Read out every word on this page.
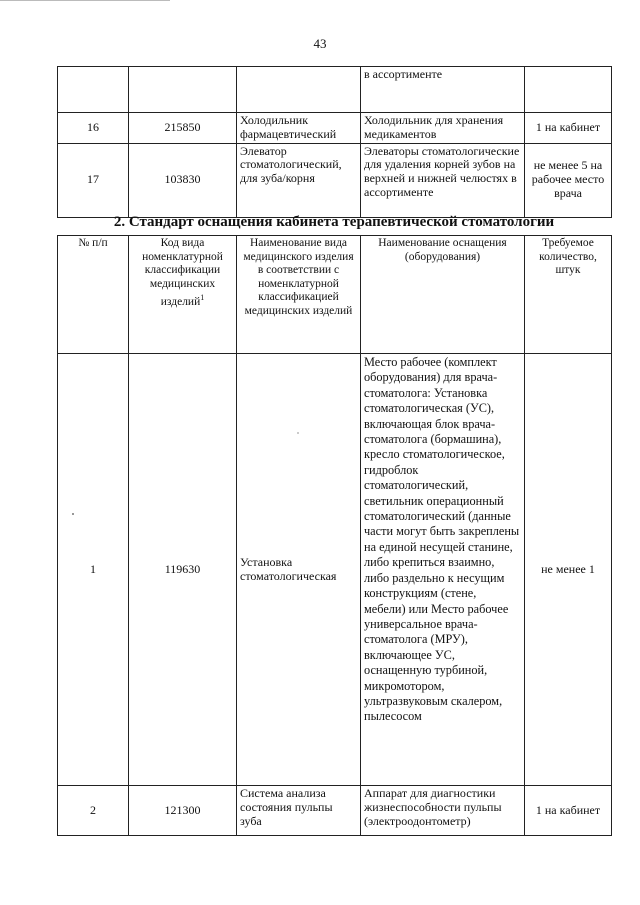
43
			в ассортименте	
16	215850	Холодильник фармацевтический	Холодильник для хранения медикаментов	1 на кабинет
17	103830	Элеватор стоматологический, для зуба/корня	Элеваторы стоматологические для удаления корней зубов на верхней и нижней челюстях в ассортименте	не менее 5 на рабочее место врача
2. Стандарт оснащения кабинета терапевтической стоматологии
№ п/п	Код вида номенклатурной классификации медицинских изделий$^1$	Наименование вида медицинского изделия в соответствии с номенклатурной классификацией медицинских изделий	Наименование оснащения (оборудования)	Требуемое количество, штук
1	119630	Установка стоматологическая	Место рабочее (комплект оборудования) для врача-стоматолога: Установка стоматологическая (УС), включающая блок врача-стоматолога (бормашина), кресло стоматологическое, гидроблок стоматологический, светильник операционный стоматологический (данные части могут быть закреплены на единой несущей станине, либо крепиться взаимно, либо раздельно к несущим конструкциям (стене, мебели) или Место рабочее универсальное врача-стоматолога (МРУ), включающее УС, оснащенную турбиной, микромотором, ультразвуковым скалером, пылесосом	не менее 1
2	121300	Система анализа состояния пульпы зуба	Аппарат для диагностики жизнеспособности пульпы (электроодонтометр)	1 на кабинет
